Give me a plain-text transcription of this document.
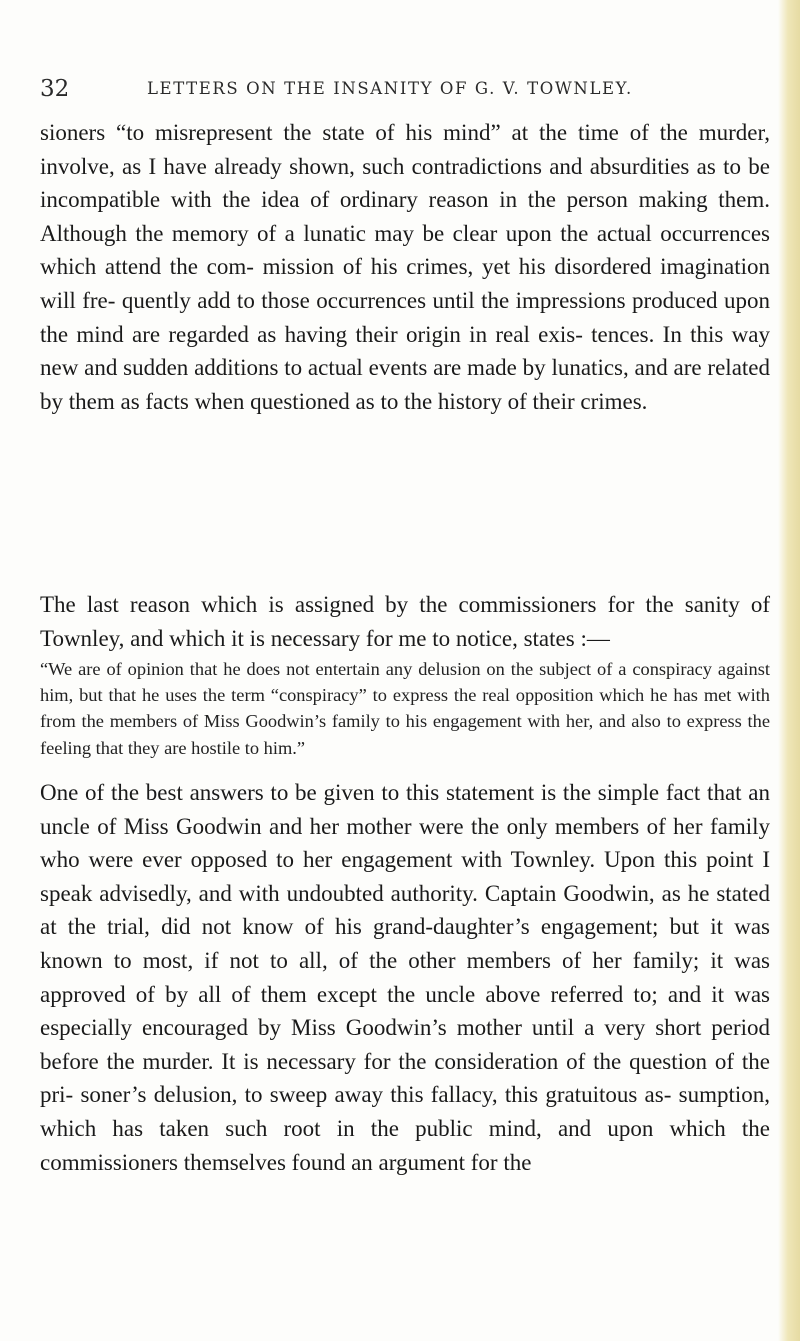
32	LETTERS ON THE INSANITY OF G. V. TOWNLEY.

sioners “to misrepresent the state of his mind” at the time of the murder, involve, as I have already shown, such contradictions and absurdities as to be incompatible with the idea of ordinary reason in the person making them. Although the memory of a lunatic may be clear upon the actual occurrences which attend the com- mission of his crimes, yet his disordered imagination will fre- quently add to those occurrences until the impressions produced upon the mind are regarded as having their origin in real exis- tences. In this way new and sudden additions to actual events are made by lunatics, and are related by them as facts when questioned as to the history of their crimes.

The last reason which is assigned by the commissioners for the sanity of Townley, and which it is necessary for me to notice, states :—

“We are of opinion that he does not entertain any delusion on the subject of a conspiracy against him, but that he uses the term “conspiracy” to express the real opposition which he has met with from the members of Miss Goodwin’s family to his engagement with her, and also to express the feeling that they are hostile to him.”

One of the best answers to be given to this statement is the simple fact that an uncle of Miss Goodwin and her mother were the only members of her family who were ever opposed to her engagement with Townley. Upon this point I speak advisedly, and with undoubted authority. Captain Goodwin, as he stated at the trial, did not know of his grand-daughter’s engagement; but it was known to most, if not to all, of the other members of her family; it was approved of by all of them except the uncle above referred to; and it was especially encouraged by Miss Goodwin’s mother until a very short period before the murder. It is necessary for the consideration of the question of the pri- soner’s delusion, to sweep away this fallacy, this gratuitous as- sumption, which has taken such root in the public mind, and upon which the commissioners themselves found an argument for the
